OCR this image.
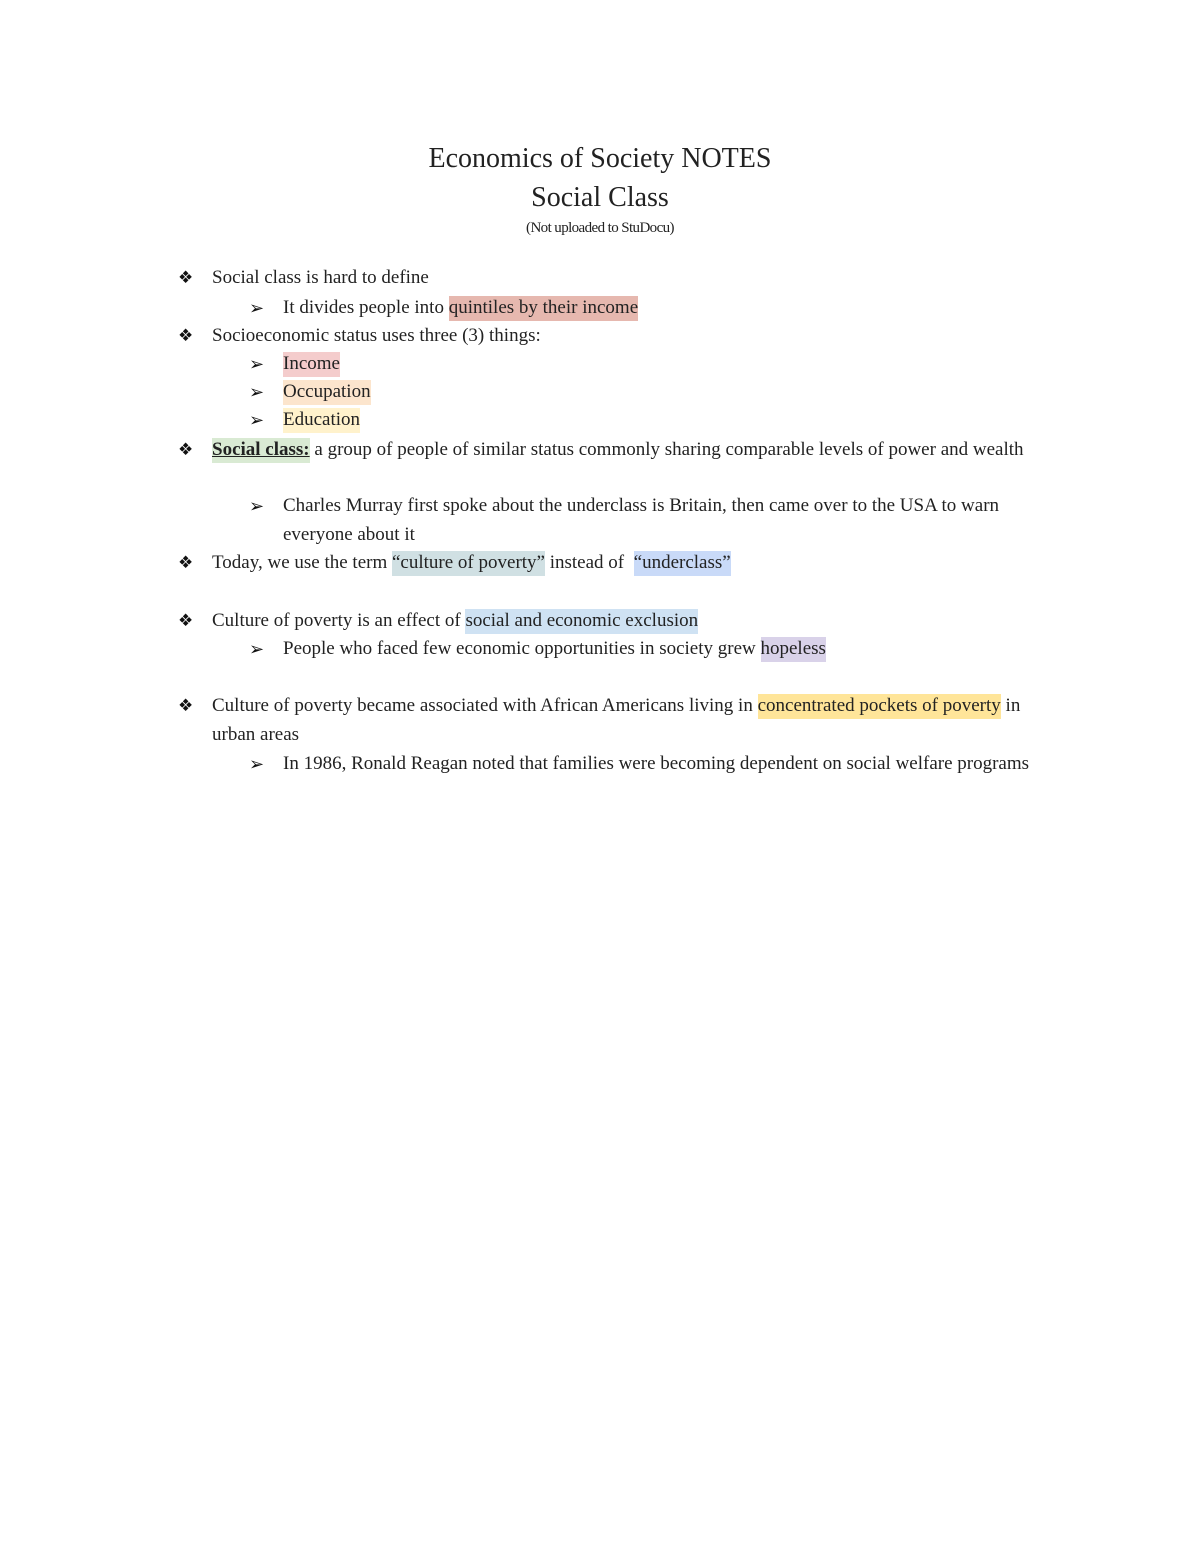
Economics of Society NOTES
Social Class
(Not uploaded to StuDocu)
❖ Social class is hard to define
➢ It divides people into quintiles by their income
❖ Socioeconomic status uses three (3) things:
➢ Income
➢ Occupation
➢ Education
❖ Social class: a group of people of similar status commonly sharing comparable levels of power and wealth
➢ Charles Murray first spoke about the underclass is Britain, then came over to the USA to warn everyone about it
❖ Today, we use the term “culture of poverty” instead of  “underclass”
❖ Culture of poverty is an effect of social and economic exclusion
➢ People who faced few economic opportunities in society grew hopeless
❖ Culture of poverty became associated with African Americans living in concentrated pockets of poverty in urban areas
➢ In 1986, Ronald Reagan noted that families were becoming dependent on social welfare programs
